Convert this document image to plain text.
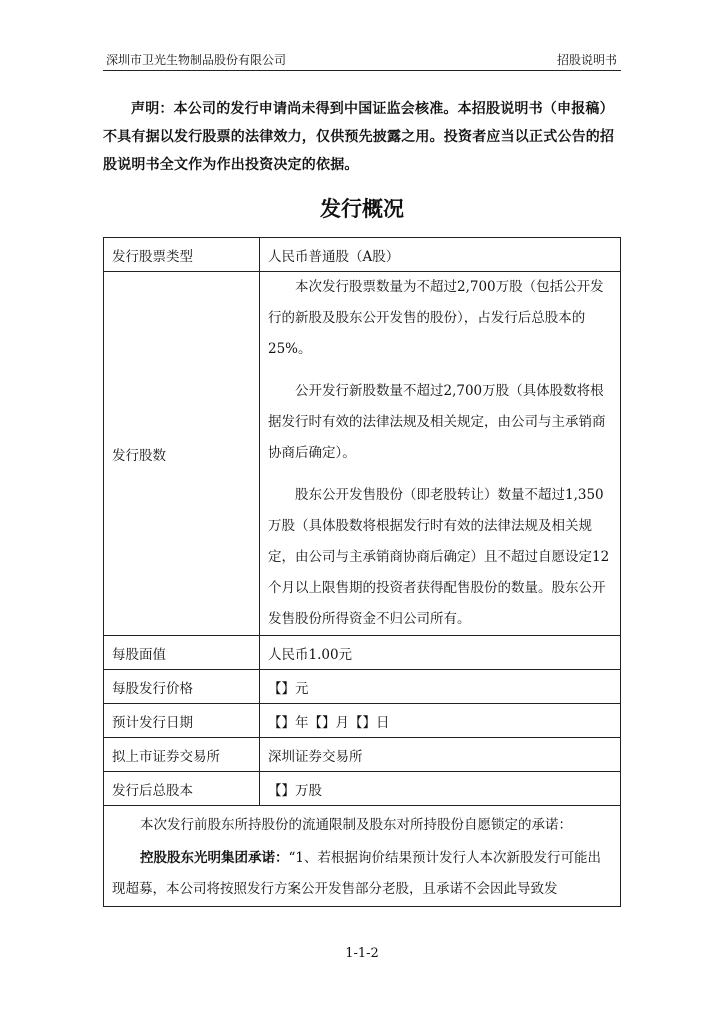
深圳市卫光生物制品股份有限公司	招股说明书
声明：本公司的发行申请尚未得到中国证监会核准。本招股说明书（申报稿）不具有据以发行股票的法律效力，仅供预先披露之用。投资者应当以正式公告的招股说明书全文作为作出投资决定的依据。
发行概况
发行股票类型	人民币普通股（A股）
发行股数	本次发行股票数量为不超过2,700万股（包括公开发行的新股及股东公开发售的股份），占发行后总股本的25%。

公开发行新股数量不超过2,700万股（具体股数将根据发行时有效的法律法规及相关规定，由公司与主承销商协商后确定）。

股东公开发售股份（即老股转让）数量不超过1,350万股（具体股数将根据发行时有效的法律法规及相关规定，由公司与主承销商协商后确定）且不超过自愿设定12个月以上限售期的投资者获得配售股份的数量。股东公开发售股份所得资金不归公司所有。

每股面值	人民币1.00元
每股发行价格	【】元
预计发行日期	【】年【】月【】日
拟上市证券交易所	深圳证券交易所
发行后总股本	【】万股

本次发行前股东所持股份的流通限制及股东对所持股份自愿锁定的承诺：

控股股东光明集团承诺：“1、若根据询价结果预计发行人本次新股发行可能出现超募，本公司将按照发行方案公开发售部分老股，且承诺不会因此导致发	

1-1-2
